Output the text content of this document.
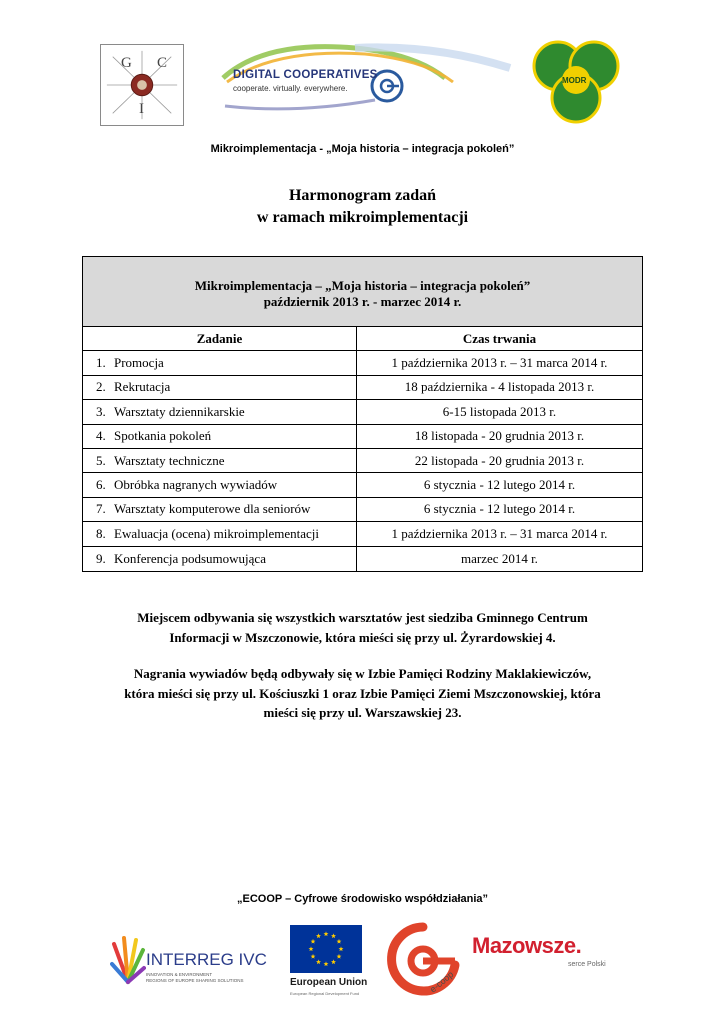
G C
I
DIGITAL COOPERATIVES
cooperate. virtually. everywhere.
MODR
Mikroimplementacja - „Moja historia – integracja pokoleń”
Harmonogram zadań
w ramach mikroimplementacji
Mikroimplementacja – „Moja historia – integracja pokoleń”
październik 2013 r. - marzec 2014 r.
Zadanie	Czas trwania
1. Promocja	1 października 2013 r. – 31 marca 2014 r.
2. Rekrutacja	18 października - 4 listopada 2013 r.
3. Warsztaty dziennikarskie	6-15 listopada 2013 r.
4. Spotkania pokoleń	18 listopada - 20 grudnia 2013 r.
5. Warsztaty techniczne	22 listopada - 20 grudnia 2013 r.
6. Obróbka nagranych wywiadów	6 stycznia - 12 lutego 2014 r.
7. Warsztaty komputerowe dla seniorów	6 stycznia - 12 lutego 2014 r.
8. Ewaluacja (ocena) mikroimplementacji	1 października 2013 r. – 31 marca 2014 r.
9. Konferencja podsumowująca	marzec 2014 r.
Miejscem odbywania się wszystkich warsztatów jest siedziba Gminnego Centrum
Informacji w Mszczonowie, która mieści się przy ul. Żyrardowskiej 4.
Nagrania wywiadów będą odbywały się w Izbie Pamięci Rodziny Maklakiewiczów,
która mieści się przy ul. Kościuszki 1 oraz Izbie Pamięci Ziemi Mszczonowskiej, która
mieści się przy ul. Warszawskiej 23.
„ECOOP – Cyfrowe środowisko współdziałania”
INTERREG IVC
INNOVATION & ENVIRONMENT
REGIONS OF EUROPE SHARING SOLUTIONS	European Union
European Regional Development Fund	e-coop
Mazowsze.
serce Polski
